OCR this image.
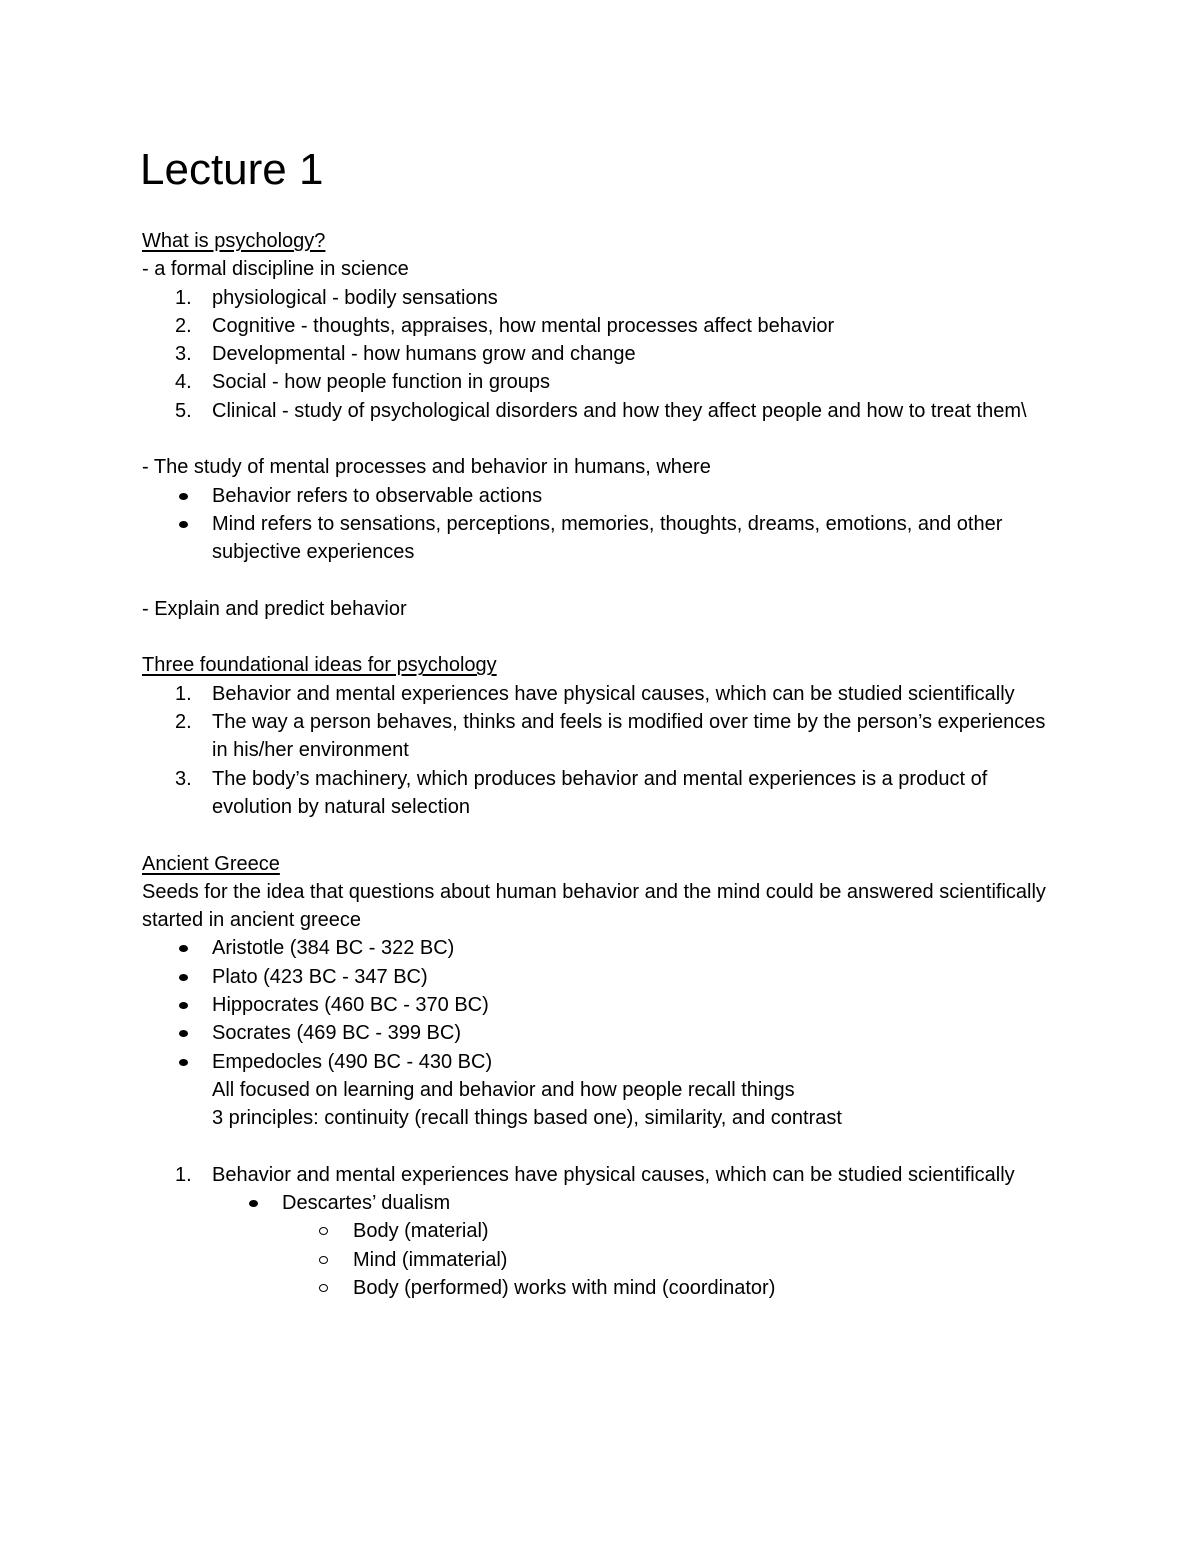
Lecture 1
What is psychology?
- a formal discipline in science
1. physiological - bodily sensations
2. Cognitive - thoughts, appraises, how mental processes affect behavior
3. Developmental - how humans grow and change
4. Social - how people function in groups
5. Clinical - study of psychological disorders and how they affect people and how to treat them\
- The study of mental processes and behavior in humans, where
Behavior refers to observable actions
Mind refers to sensations, perceptions, memories, thoughts, dreams, emotions, and other subjective experiences
- Explain and predict behavior
Three foundational ideas for psychology
1. Behavior and mental experiences have physical causes, which can be studied scientifically
2. The way a person behaves, thinks and feels is modified over time by the person’s experiences in his/her environment
3. The body’s machinery, which produces behavior and mental experiences is a product of evolution by natural selection
Ancient Greece
Seeds for the idea that questions about human behavior and the mind could be answered scientifically started in ancient greece
Aristotle (384 BC - 322 BC)
Plato (423 BC - 347 BC)
Hippocrates (460 BC - 370 BC)
Socrates (469 BC - 399 BC)
Empedocles (490 BC - 430 BC)
All focused on learning and behavior and how people recall things
3 principles: continuity (recall things based one), similarity, and contrast
1. Behavior and mental experiences have physical causes, which can be studied scientifically
Descartes’ dualism
Body (material)
Mind (immaterial)
Body (performed) works with mind (coordinator)
